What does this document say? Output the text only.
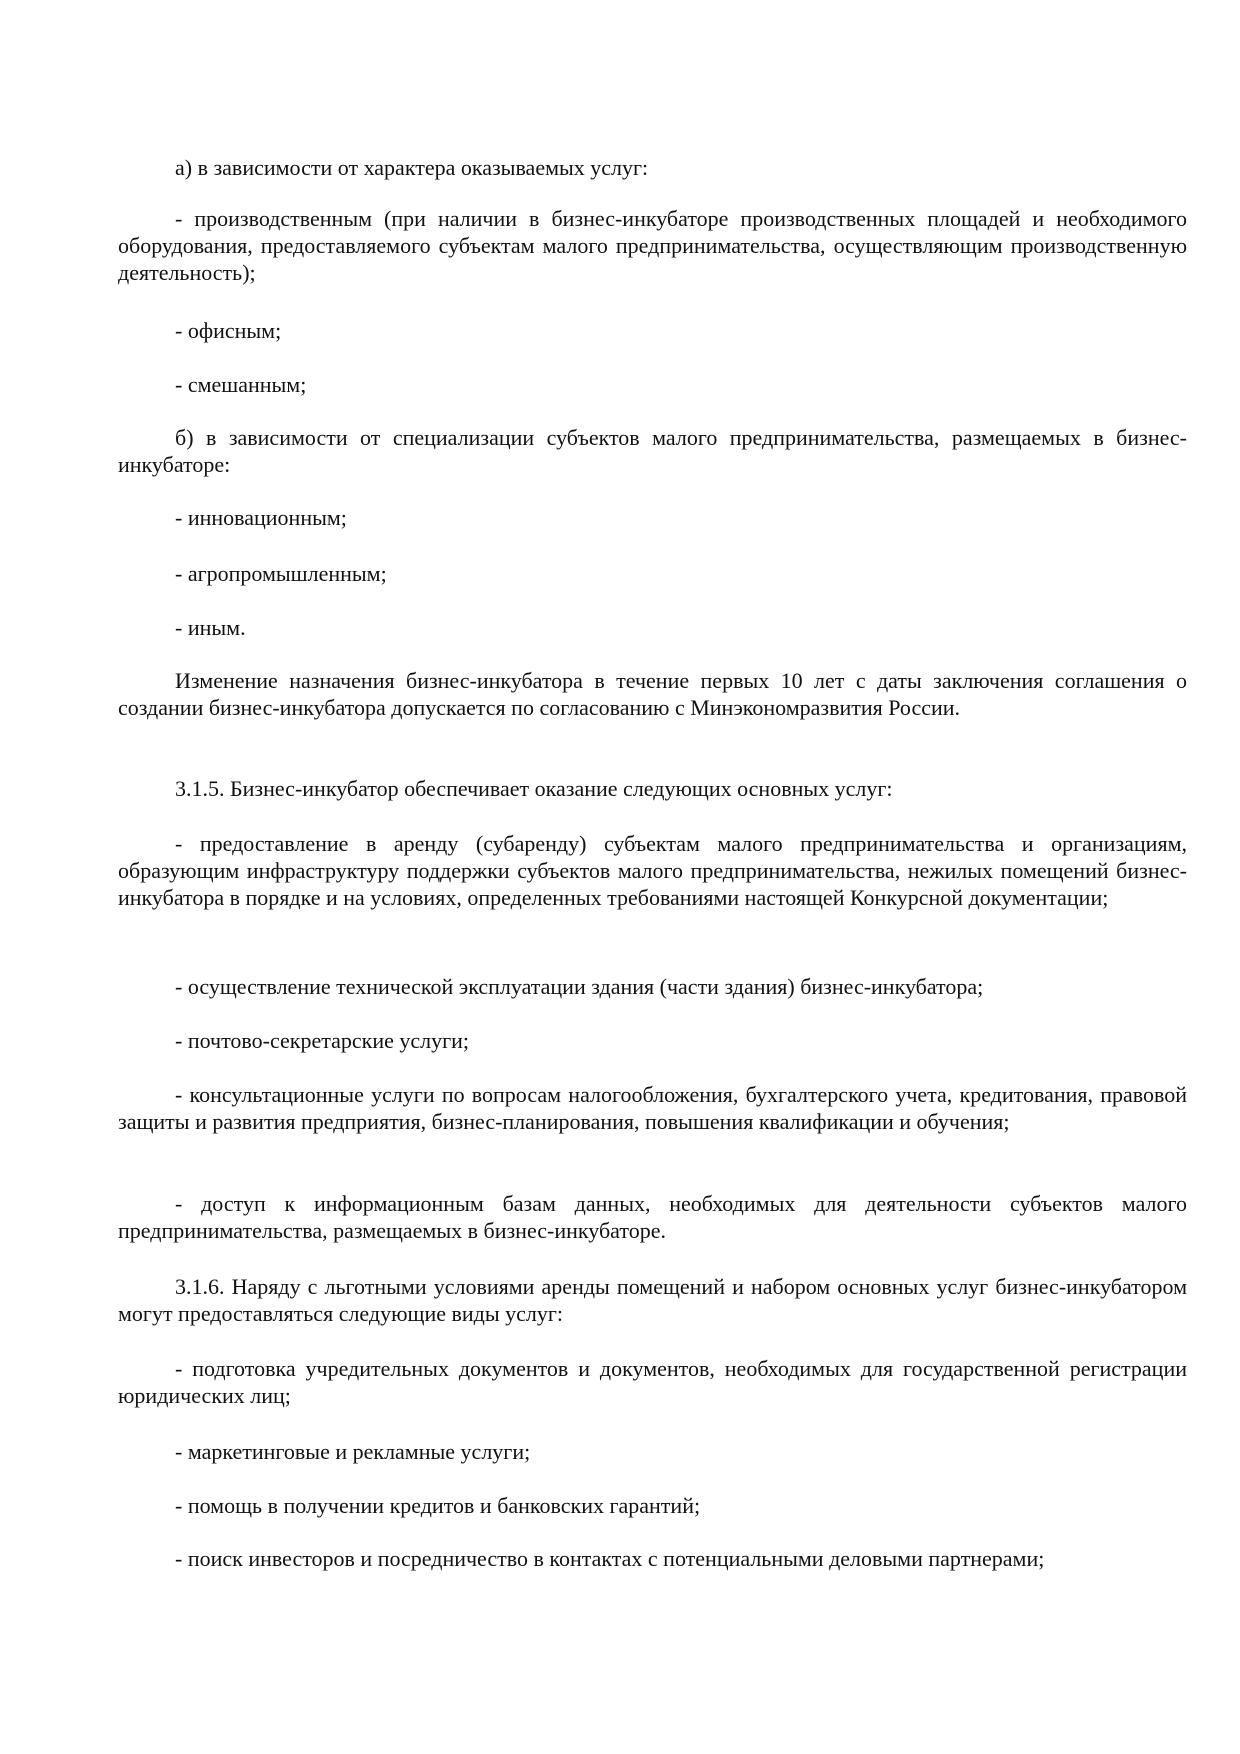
а) в зависимости от характера оказываемых услуг:

- производственным (при наличии в бизнес-инкубаторе производственных площадей и необходимого оборудования, предоставляемого субъектам малого предпринимательства, осуществляющим производственную деятельность);

- офисным;

- смешанным;

б) в зависимости от специализации субъектов малого предпринимательства, размещаемых в бизнес-инкубаторе:

- инновационным;

- агропромышленным;

- иным.

Изменение назначения бизнес-инкубатора в течение первых 10 лет с даты заключения соглашения о создании бизнес-инкубатора допускается по согласованию с Минэкономразвития России.

3.1.5. Бизнес-инкубатор обеспечивает оказание следующих основных услуг:

- предоставление в аренду (субаренду) субъектам малого предпринимательства и организациям, образующим инфраструктуру поддержки субъектов малого предпринимательства, нежилых помещений бизнес-инкубатора в порядке и на условиях, определенных требованиями настоящей Конкурсной документации;

- осуществление технической эксплуатации здания (части здания) бизнес-инкубатора;

- почтово-секретарские услуги;

- консультационные услуги по вопросам налогообложения, бухгалтерского учета, кредитования, правовой защиты и развития предприятия, бизнес-планирования, повышения квалификации и обучения;

- доступ к информационным базам данных, необходимых для деятельности субъектов малого предпринимательства, размещаемых в бизнес-инкубаторе.

3.1.6. Наряду с льготными условиями аренды помещений и набором основных услуг бизнес-инкубатором могут предоставляться следующие виды услуг:

- подготовка учредительных документов и документов, необходимых для государственной регистрации юридических лиц;

- маркетинговые и рекламные услуги;

- помощь в получении кредитов и банковских гарантий;

- поиск инвесторов и посредничество в контактах с потенциальными деловыми партнерами;
